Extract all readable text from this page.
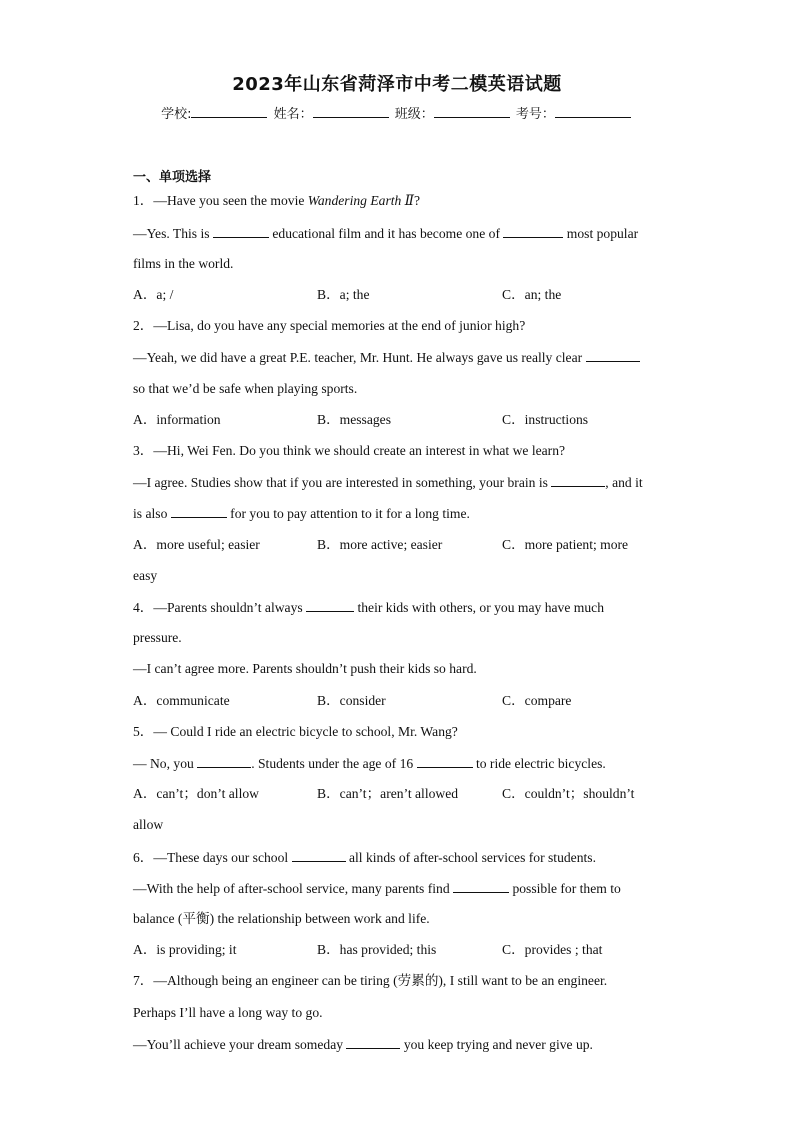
2023年山东省菏泽市中考二模英语试题
学校:	姓名：	班级：	考号：
一、单项选择
1．—Have you seen the movie Wandering Earth Ⅱ?
—Yes. This is	educational film and it has become one of	most popular
films in the world.
A．a; /	B．a; the	C．an; the
2．—Lisa, do you have any special memories at the end of junior high?
—Yeah, we did have a great P.E. teacher, Mr. Hunt. He always gave us really clear
so that we’d be safe when playing sports.
A．information	B．messages	C．instructions
3．—Hi, Wei Fen. Do you think we should create an interest in what we learn?
—I agree. Studies show that if you are interested in something, your brain is	, and it
is also	for you to pay attention to it for a long time.
A．more useful; easier	B．more active; easier	C．more patient; more
easy
4．—Parents shouldn’t always	their kids with others, or you may have much
pressure.
—I can’t agree more. Parents shouldn’t push their kids so hard.
A．communicate	B．consider	C．compare
5．— Could I ride an electric bicycle to school, Mr. Wang?
— No, you	. Students under the age of 16	to ride electric bicycles.
A．can’t；don’t allow	B．can’t；aren’t allowed	C．couldn’t；shouldn’t
allow
6．—These days our school	all kinds of after-school services for students.
—With the help of after-school service, many parents find	possible for them to
balance (平衡) the relationship between work and life.
A．is providing; it	B．has provided; this	C．provides ; that
7．—Although being an engineer can be tiring (劳累的), I still want to be an engineer.
Perhaps I’ll have a long way to go.
—You’ll achieve your dream someday	you keep trying and never give up.
